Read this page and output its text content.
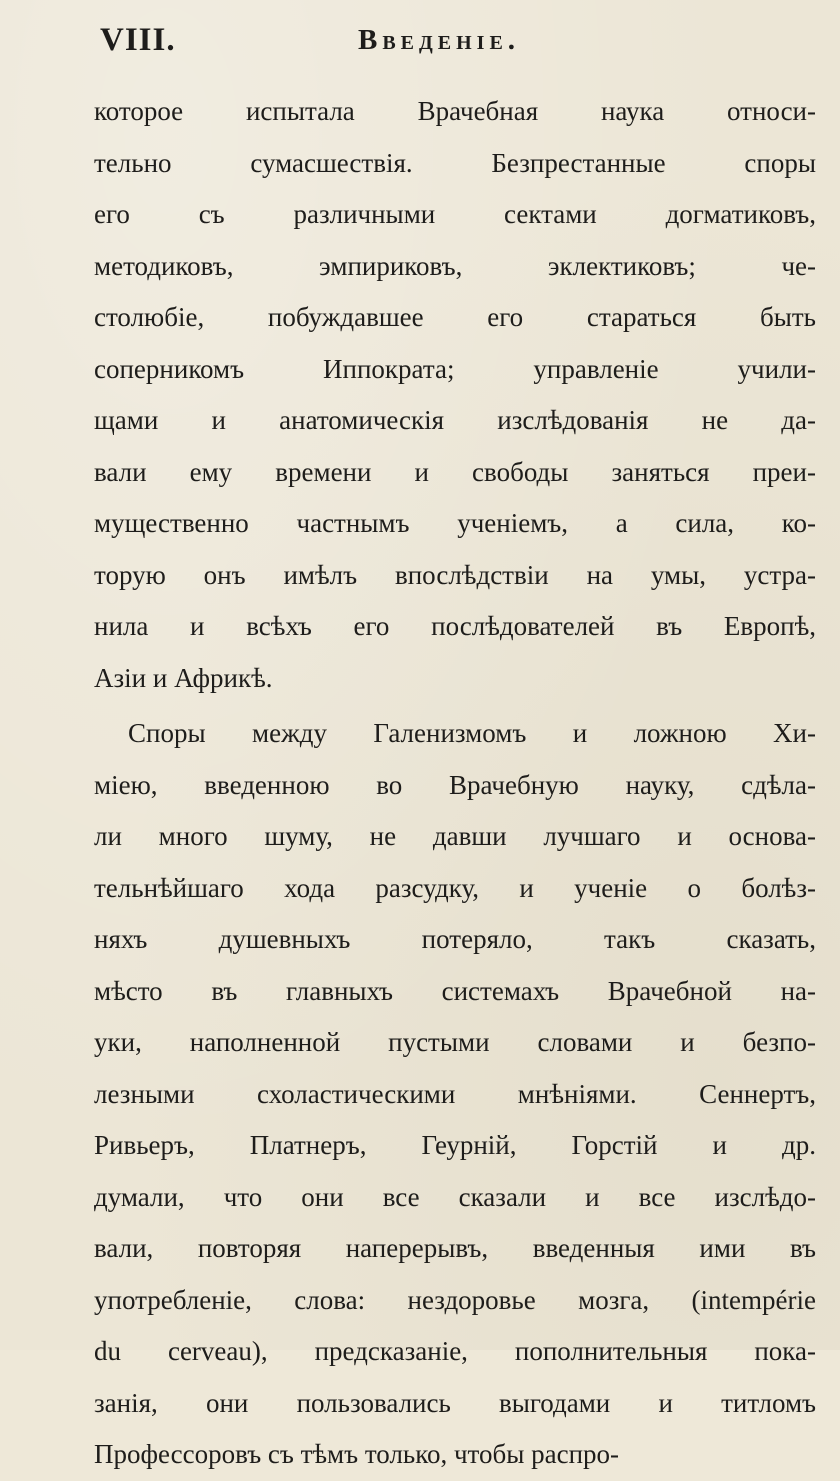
VIII.	Введеніе.
которое испытала Врачебная наука относи-
тельно сумасшествія. Безпрестанные споры
его съ различными сектами догматиковъ,
методиковъ, эмпириковъ, эклектиковъ; че-
столюбіе, побуждавшее его стараться быть
соперникомъ Иппократа; управленіе учили-
щами и анатомическія изслѣдованія не да-
вали ему времени и свободы заняться преи-
мущественно частнымъ ученіемъ, а сила, ко-
торую онъ имѣлъ впослѣдствіи на умы, устра-
нила и всѣхъ его послѣдователей въ Европѣ,
Азіи и Африкѣ.
Споры между Галенизмомъ и ложною Хи-
міею, введенною во Врачебную науку, сдѣла-
ли много шуму, не давши лучшаго и основа-
тельнѣйшаго хода разсудку, и ученіе о болѣз-
няхъ душевныхъ потеряло, такъ сказать,
мѣсто въ главныхъ системахъ Врачебной на-
уки, наполненной пустыми словами и безпо-
лезными схоластическими мнѣніями. Сеннертъ,
Ривьеръ, Платнеръ, Геурній, Горстій и др.
думали, что они все сказали и все изслѣдо-
вали, повторяя наперерывъ, введенныя ими въ
употребленіе, слова: нездоровье мозга, (intempérie
du cerveau), предсказаніе, пополнительныя пока-
занія, они пользовались выгодами и титломъ
Профессоровъ съ тѣмъ только, чтобы распро-
